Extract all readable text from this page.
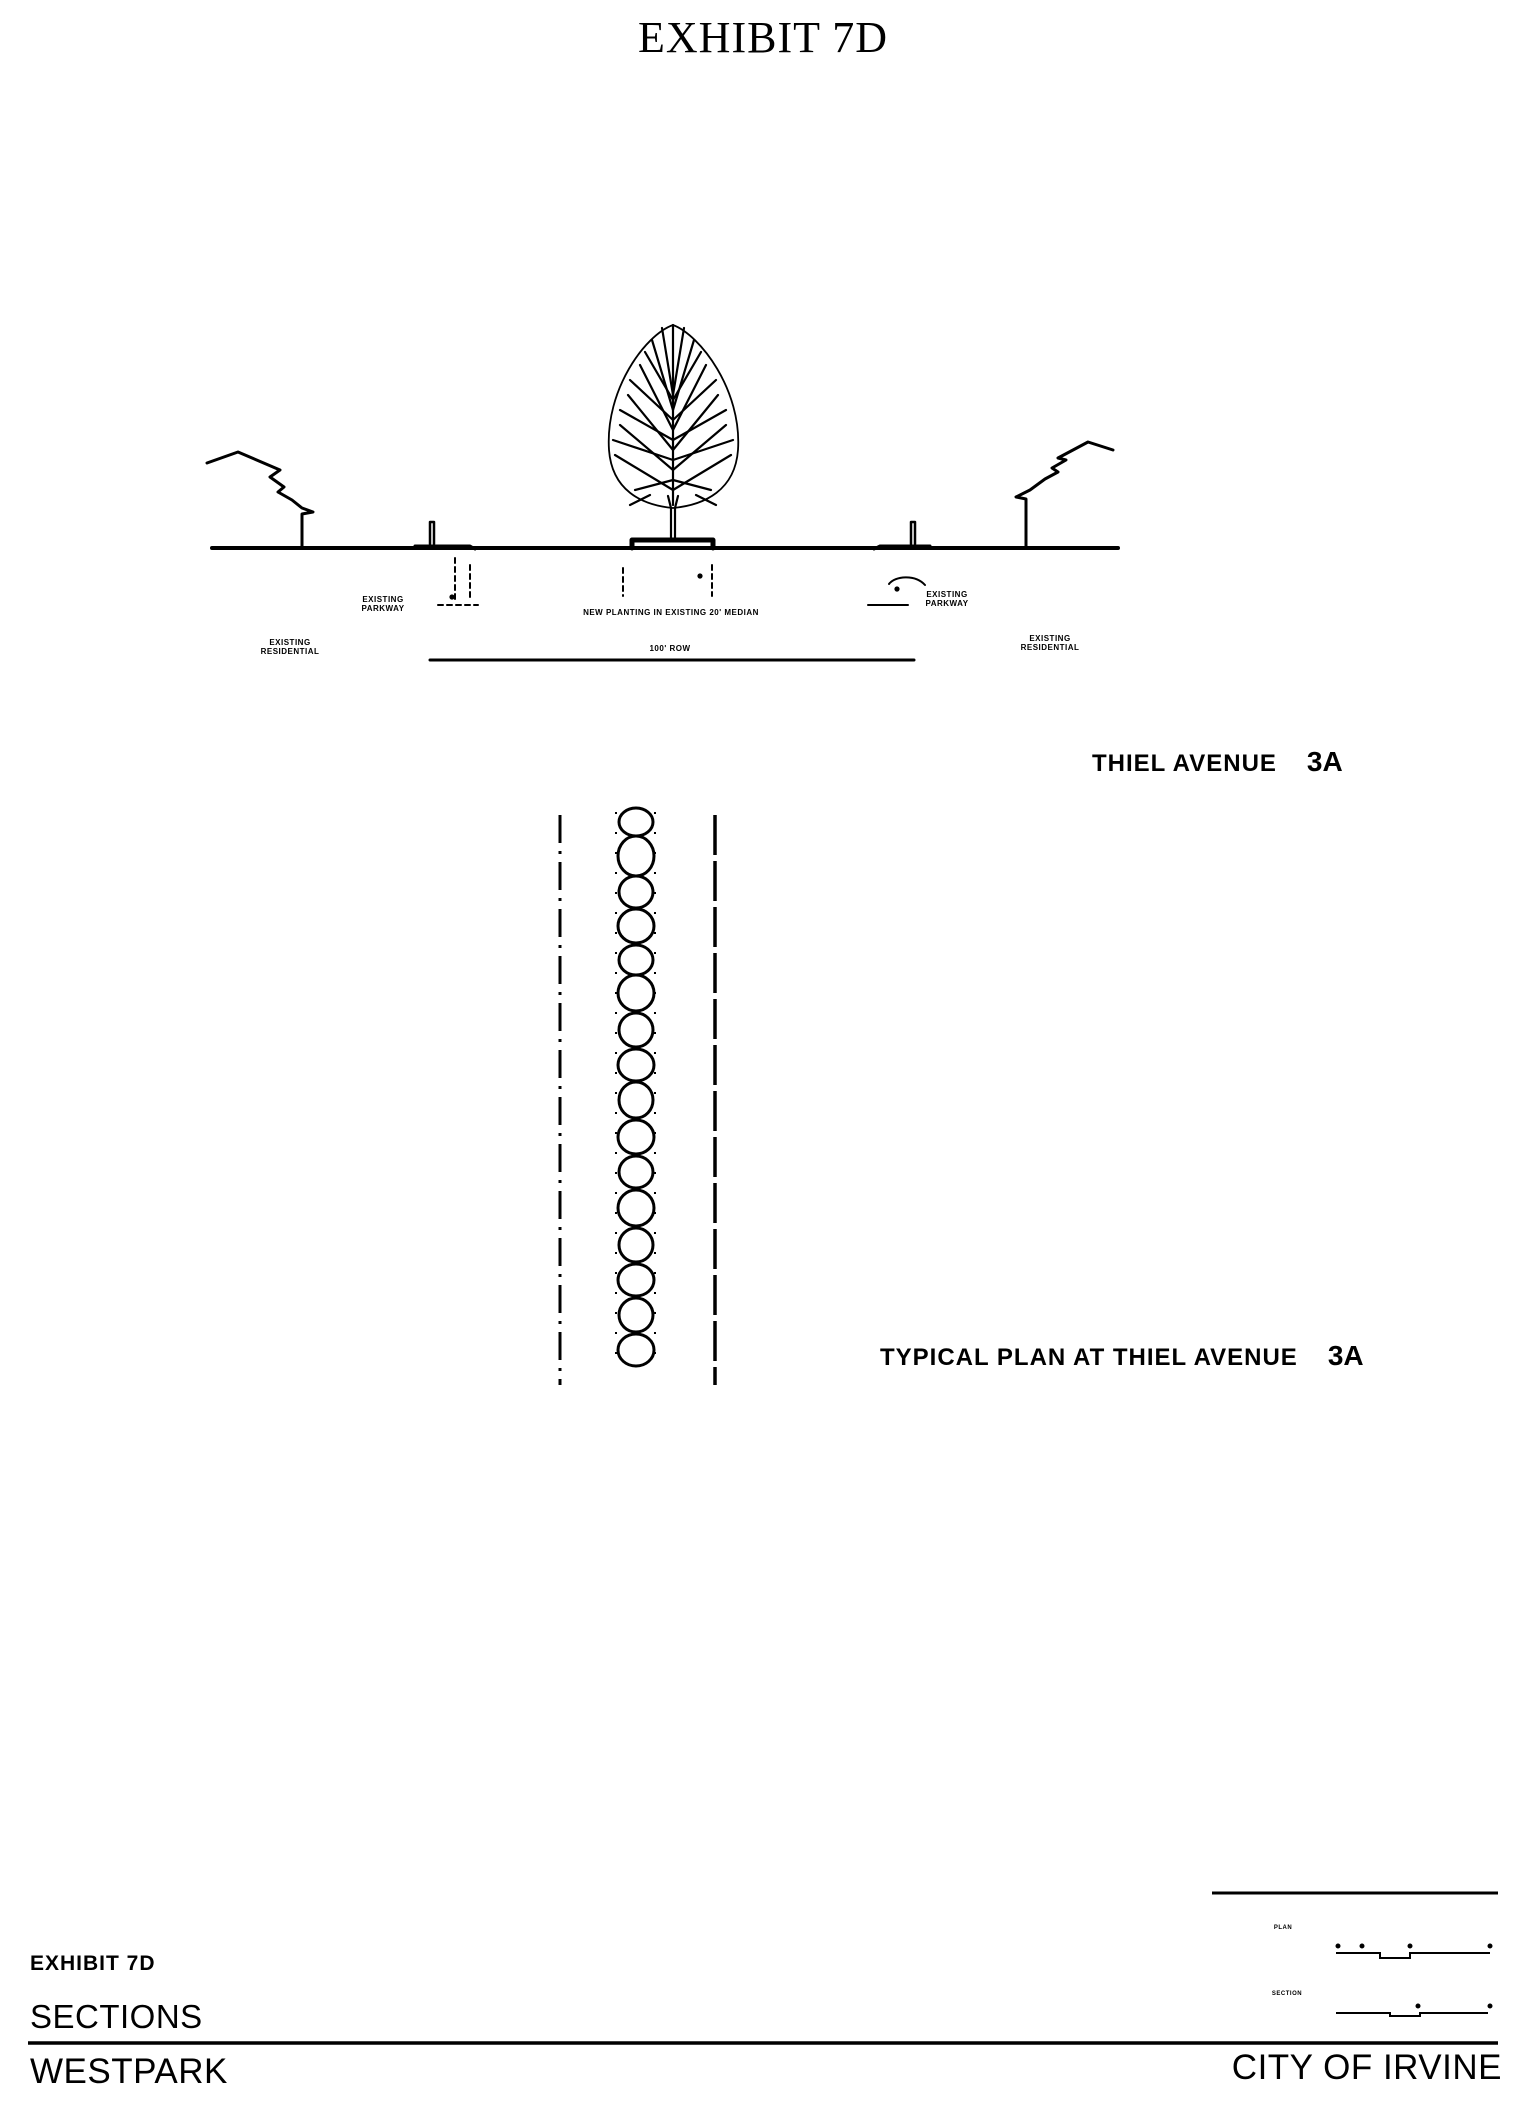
EXHIBIT 7D
EXISTING PARKWAY	NEW PLANTING IN EXISTING 20' MEDIAN
EXISTING PARKWAY
EXISTING RESIDENTIAL
EXISTING RESIDENTIAL
100' ROW
THIEL AVENUE 3A
TYPICAL PLAN AT THIEL AVENUE 3A
PLAN
SECTION
EXHIBIT 7D
SECTIONS
WESTPARK	CITY OF IRVINE
